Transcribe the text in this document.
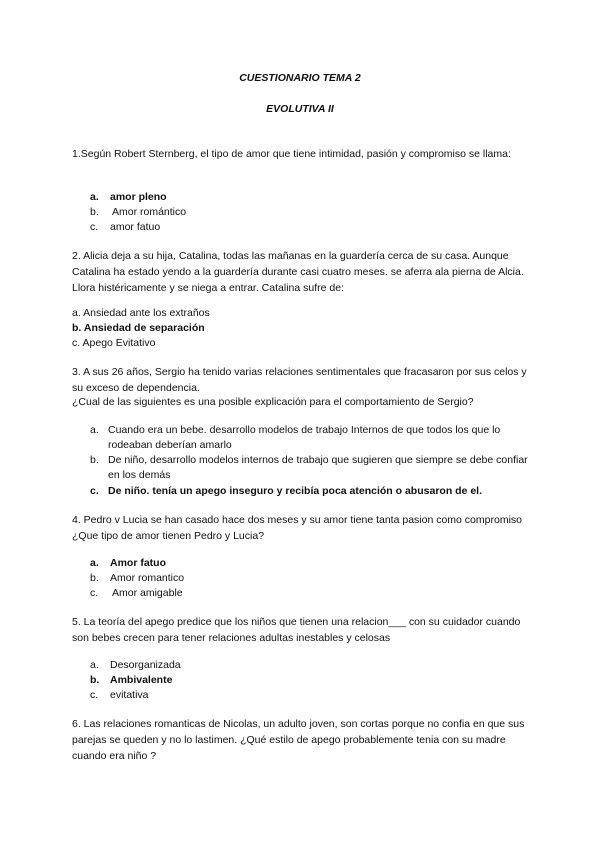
CUESTIONARIO TEMA 2
EVOLUTIVA II

1.Según Robert Sternberg, el tipo de amor que tiene intimidad, pasión y compromiso se llama:

a.	amor pleno
b.	Amor romántico
c.	amor fatuo

2. Alicia deja a su hija, Catalina, todas las mañanas en la guardería cerca de su casa. Aunque Catalina ha estado yendo a la guardería durante casi cuatro meses. se aferra ala pierna de Alcia. Llora histéricamente y se niega a entrar. Catalina sufre de:

a. Ansiedad ante los extraños
b. Ansiedad de separación
c. Apego Evitativo

3. A sus 26 años, Sergio ha tenido varias relaciones sentimentales que fracasaron por sus celos y su exceso de dependencia.

¿Cual de las siguientes es una posible explicación para el comportamiento de Sergio?
a. Cuando era un bebe. desarrollo modelos de trabajo Internos de que todos los que lo rodeaban deberían amarlo
b. De niño, desarrollo modelos internos de trabajo que sugieren que siempre se debe confiar en los demás
c. De niño. tenía un apego inseguro y recibía poca atención o abusaron de el.

4. Pedro v Lucia se han casado hace dos meses y su amor tiene tanta pasion como compromiso ¿Que tipo de amor tienen Pedro y Lucia?

a.	Amor fatuo
b.	Amor romantico
c.	Amor amigable

5. La teoría del apego predice que los niños que tienen una relacion___ con su cuidador cuando son bebes crecen para tener relaciones adultas inestables y celosas

a.	Desorganizada
b.	Ambivalente
c.	evitativa

6. Las relaciones romanticas de Nicolas, un adulto joven, son cortas porque no confia en que sus parejas se queden y no lo lastimen. ¿Qué estilo de apego probablemente tenia con su madre cuando era niño ?
